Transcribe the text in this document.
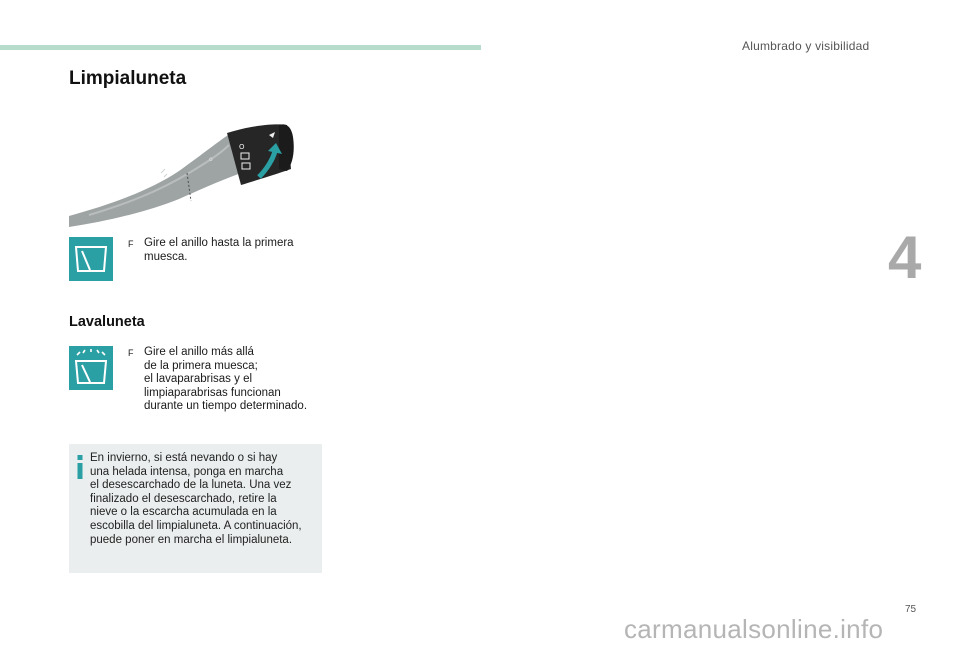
Alumbrado y visibilidad
4
Limpialuneta
o
O
F Gire el anillo hasta la primera
muesca.
Lavaluneta
F Gire el anillo más allá
de la primera muesca;
el lavaparabrisas y el
limpiaparabrisas funcionan
durante un tiempo determinado.
En invierno, si está nevando o si hay
una helada intensa, ponga en marcha
el desescarchado de la luneta. Una vez
finalizado el desescarchado, retire la
nieve o la escarcha acumulada en la
escobilla del limpialuneta. A continuación,
puede poner en marcha el limpialuneta.
75
carmanualsonline.info
